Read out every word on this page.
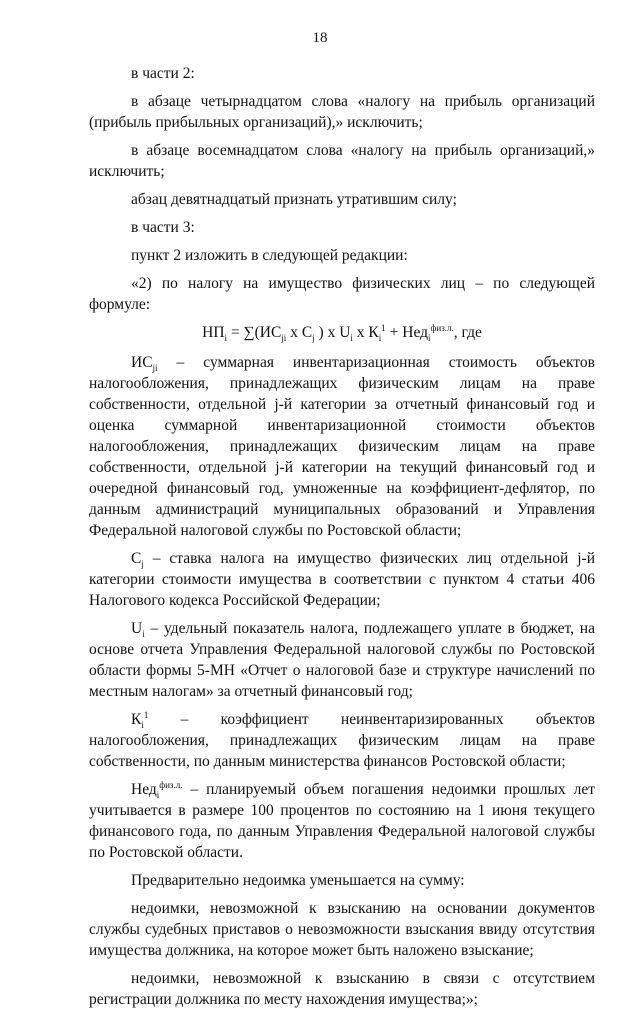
18

в части 2:

в абзаце четырнадцатом слова «налогу на прибыль организаций (прибыль прибыльных организаций),» исключить;

в абзаце восемнадцатом слова «налогу на прибыль организаций,» исключить;

абзац девятнадцатый признать утратившим силу;

в части 3:

пункт 2 изложить в следующей редакции:

«2) по налогу на имущество физических лиц – по следующей формуле:

$НП_i = \sum(ИС_{ji}$ х $С_j$ ) х $U_i$ х $К_i^1 + Нед_i^{физ.л.}$, где

$ИС_{ji}$ – суммарная инвентаризационная стоимость объектов налогообложения, принадлежащих физическим лицам на праве собственности, отдельной j-й категории за отчетный финансовый год и оценка суммарной инвентаризационной стоимости объектов налогообложения, принадлежащих физическим лицам на праве собственности, отдельной j-й категории на текущий финансовый год и очередной финансовый год, умноженные на коэффициент-дефлятор, по данным администраций муниципальных образований и Управления Федеральной налоговой службы по Ростовской области;

$С_j$ – ставка налога на имущество физических лиц отдельной j-й категории стоимости имущества в соответствии с пунктом 4 статьи 406 Налогового кодекса Российской Федерации;

$U_i$ – удельный показатель налога, подлежащего уплате в бюджет, на основе отчета Управления Федеральной налоговой службы по Ростовской области формы 5-МН «Отчет о налоговой базе и структуре начислений по местным налогам» за отчетный финансовый год;

$К_i^1$ – коэффициент неинвентаризированных объектов налогообложения, принадлежащих физическим лицам на праве собственности, по данным министерства финансов Ростовской области;

Нед$_i^{физ.л.}$ – планируемый объем погашения недоимки прошлых лет учитывается в размере 100 процентов по состоянию на 1 июня текущего финансового года, по данным Управления Федеральной налоговой службы по Ростовской области.

Предварительно недоимка уменьшается на сумму:

недоимки, невозможной к взысканию на основании документов службы судебных приставов о невозможности взыскания ввиду отсутствия имущества должника, на которое может быть наложено взыскание;

недоимки, невозможной к взысканию в связи с отсутствием регистрации должника по месту нахождения имущества;»;
